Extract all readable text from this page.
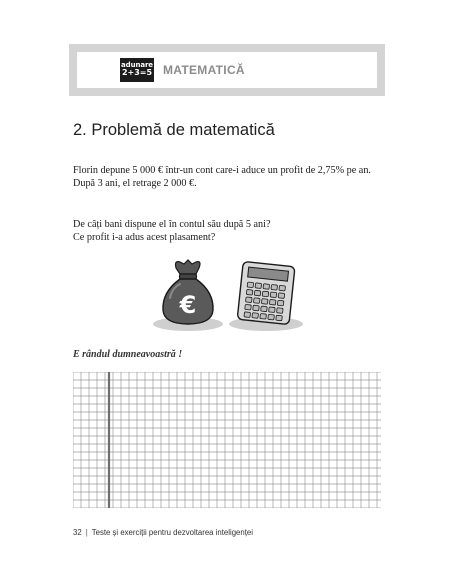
adunare
2+3=5 MATEMATICĂ
2. Problemă de matematică
Florin depune 5 000 € într-un cont care-i aduce un profit de 2,75% pe an.
După 3 ani, el retrage 2 000 €.
De câți bani dispune el în contul său după 5 ani?
Ce profit i-a adus acest plasament?
€
E rândul dumneavoastră !
32 | Teste și exerciții pentru dezvoltarea inteligenței
